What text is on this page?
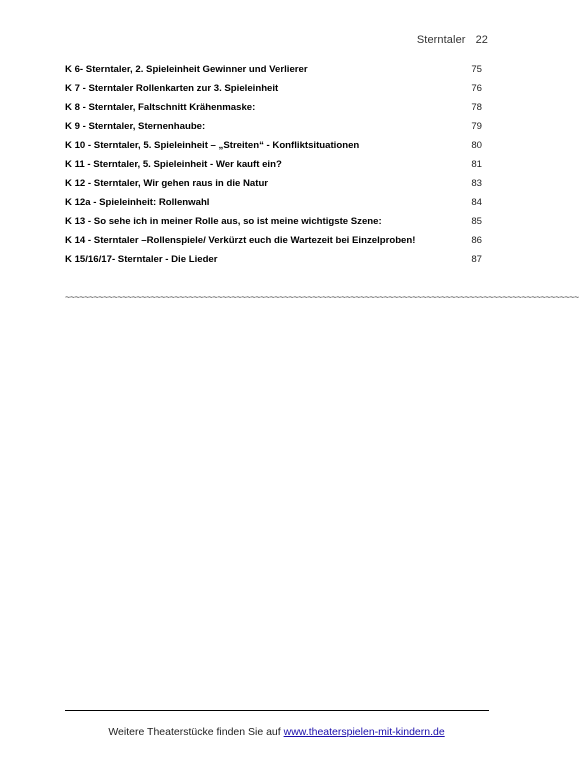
Sterntaler 22
K 6- Sterntaler, 2. Spieleinheit Gewinner und Verlierer	75
K 7 - Sterntaler Rollenkarten zur 3. Spieleinheit	76
K 8 - Sterntaler, Faltschnitt Krähenmaske:	78
K 9 - Sterntaler, Sternenhaube:	79
K 10 - Sterntaler, 5. Spieleinheit – „Streiten“ - Konfliktsituationen	80
K 11 - Sterntaler, 5. Spieleinheit - Wer kauft ein?	81
K 12 - Sterntaler, Wir gehen raus in die Natur	83
K 12a - Spieleinheit: Rollenwahl	84
K 13 - So sehe ich in meiner Rolle aus, so ist meine wichtigste Szene:	85
K 14 - Sterntaler –Rollenspiele/ Verkürzt euch die Wartezeit bei Einzelproben!	86
K 15/16/17- Sterntaler - Die Lieder	87
~~~~~~~~~~~~~~~~~~~~~~~~~~~~~~~~~~~~~~~~~~~~~~~~~~~~~~~~~~~~~~~~~~~~~~~~~~~~~~~~~~~~~~~~~~~~~~~~~~~~~~~~~~~~
Weitere Theaterstücke finden Sie auf www.theaterspielen-mit-kindern.de
